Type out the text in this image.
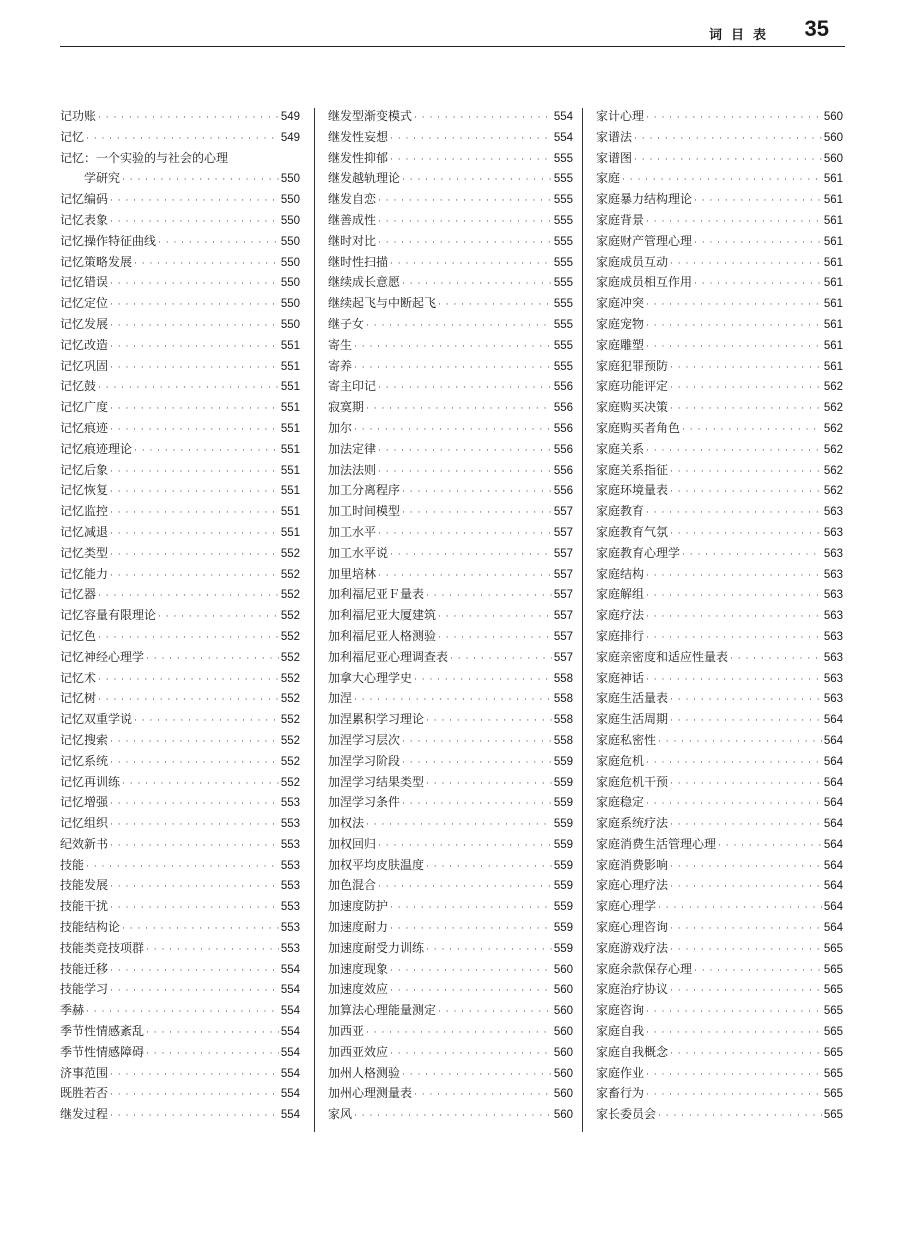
词目表 35
记功账 · · ·	549
记忆 · · ·	549
记忆：一个实验的与社会的心理
学研究 · · ·	550
记忆编码 · · ·	550
记忆表象 · · ·	550
记忆操作特征曲线 · · ·	550
记忆策略发展 · · ·	550
记忆错误 · · ·	550
记忆定位 · · ·	550
记忆发展 · · ·	550
记忆改造 · · ·	551
记忆巩固 · · ·	551
记忆鼓 · · ·	551
记忆广度 · · ·	551
记忆痕迹 · · ·	551
记忆痕迹理论 · · ·	551
记忆后象 · · ·	551
记忆恢复 · · ·	551
记忆监控 · · ·	551
记忆减退 · · ·	551
记忆类型 · · ·	552
记忆能力 · · ·	552
记忆器 · · ·	552
记忆容量有限理论 · · ·	552
记忆色 · · ·	552
记忆神经心理学 · · ·	552
记忆术 · · ·	552
记忆树 · · ·	552
记忆双重学说 · · ·	552
记忆搜索 · · ·	552
记忆系统 · · ·	552
记忆再训练 · · ·	552
记忆增强 · · ·	553
记忆组织 · · ·	553
纪效新书 · · ·	553
技能 · · ·	553
技能发展 · · ·	553
技能干扰 · · ·	553
技能结构论 · · ·	553
技能类竞技项群 · · ·	553
技能迁移 · · ·	554
技能学习 · · ·	554
季赫 · · ·	554
季节性情感紊乱 · · ·	554
季节性情感障碍 · · ·	554
济事范围 · · ·	554
既胜若否 · · ·	554
继发过程 · · ·	554
继发型渐变模式 · · ·	554
继发性妄想 · · ·	554
继发性抑郁 · · ·	555
继发越轨理论 · · ·	555
继发自恋 · · ·	555
继善成性 · · ·	555
继时对比 · · ·	555
继时性扫描 · · ·	555
继续成长意愿 · · ·	555
继续起飞与中断起飞 · · ·	555
继子女 · · ·	555
寄生 · · ·	555
寄养 · · ·	555
寄主印记 · · ·	556
寂寞期 · · ·	556
加尔 · · ·	556
加法定律 · · ·	556
加法法则 · · ·	556
加工分离程序 · · ·	556
加工时间模型 · · ·	557
加工水平 · · ·	557
加工水平说 · · ·	557
加里培林 · · ·	557
加利福尼亚Ｆ量表 · · ·	557
加利福尼亚大厦建筑 · · ·	557
加利福尼亚人格测验 · · ·	557
加利福尼亚心理调查表 · · ·	557
加拿大心理学史 · · ·	558
加涅 · · ·	558
加涅累积学习理论 · · ·	558
加涅学习层次 · · ·	558
加涅学习阶段 · · ·	559
加涅学习结果类型 · · ·	559
加涅学习条件 · · ·	559
加权法 · · ·	559
加权回归 · · ·	559
加权平均皮肤温度 · · ·	559
加色混合 · · ·	559
加速度防护 · · ·	559
加速度耐力 · · ·	559
加速度耐受力训练 · · ·	559
加速度现象 · · ·	560
加速度效应 · · ·	560
加算法心理能量测定 · · ·	560
加西亚 · · ·	560
加西亚效应 · · ·	560
加州人格测验 · · ·	560
加州心理测量表 · · ·	560
家风 · · ·	560
家计心理 · · ·	560
家谱法 · · ·	560
家谱图 · · ·	560
家庭 · · ·	561
家庭暴力结构理论 · · ·	561
家庭背景 · · ·	561
家庭财产管理心理 · · ·	561
家庭成员互动 · · ·	561
家庭成员相互作用 · · ·	561
家庭冲突 · · ·	561
家庭宠物 · · ·	561
家庭雕塑 · · ·	561
家庭犯罪预防 · · ·	561
家庭功能评定 · · ·	562
家庭购买决策 · · ·	562
家庭购买者角色 · · ·	562
家庭关系 · · ·	562
家庭关系指征 · · ·	562
家庭环境量表 · · ·	562
家庭教育 · · ·	563
家庭教育气氛 · · ·	563
家庭教育心理学 · · ·	563
家庭结构 · · ·	563
家庭解组 · · ·	563
家庭疗法 · · ·	563
家庭排行 · · ·	563
家庭亲密度和适应性量表 · · ·	563
家庭神话 · · ·	563
家庭生活量表 · · ·	563
家庭生活周期 · · ·	564
家庭私密性 · · ·	564
家庭危机 · · ·	564
家庭危机干预 · · ·	564
家庭稳定 · · ·	564
家庭系统疗法 · · ·	564
家庭消费生活管理心理 · · ·	564
家庭消费影响 · · ·	564
家庭心理疗法 · · ·	564
家庭心理学 · · ·	564
家庭心理咨询 · · ·	564
家庭游戏疗法 · · ·	565
家庭余款保存心理 · · ·	565
家庭治疗协议 · · ·	565
家庭咨询 · · ·	565
家庭自我 · · ·	565
家庭自我概念 · · ·	565
家庭作业 · · ·	565
家畜行为 · · ·	565
家长委员会 · · ·	565
